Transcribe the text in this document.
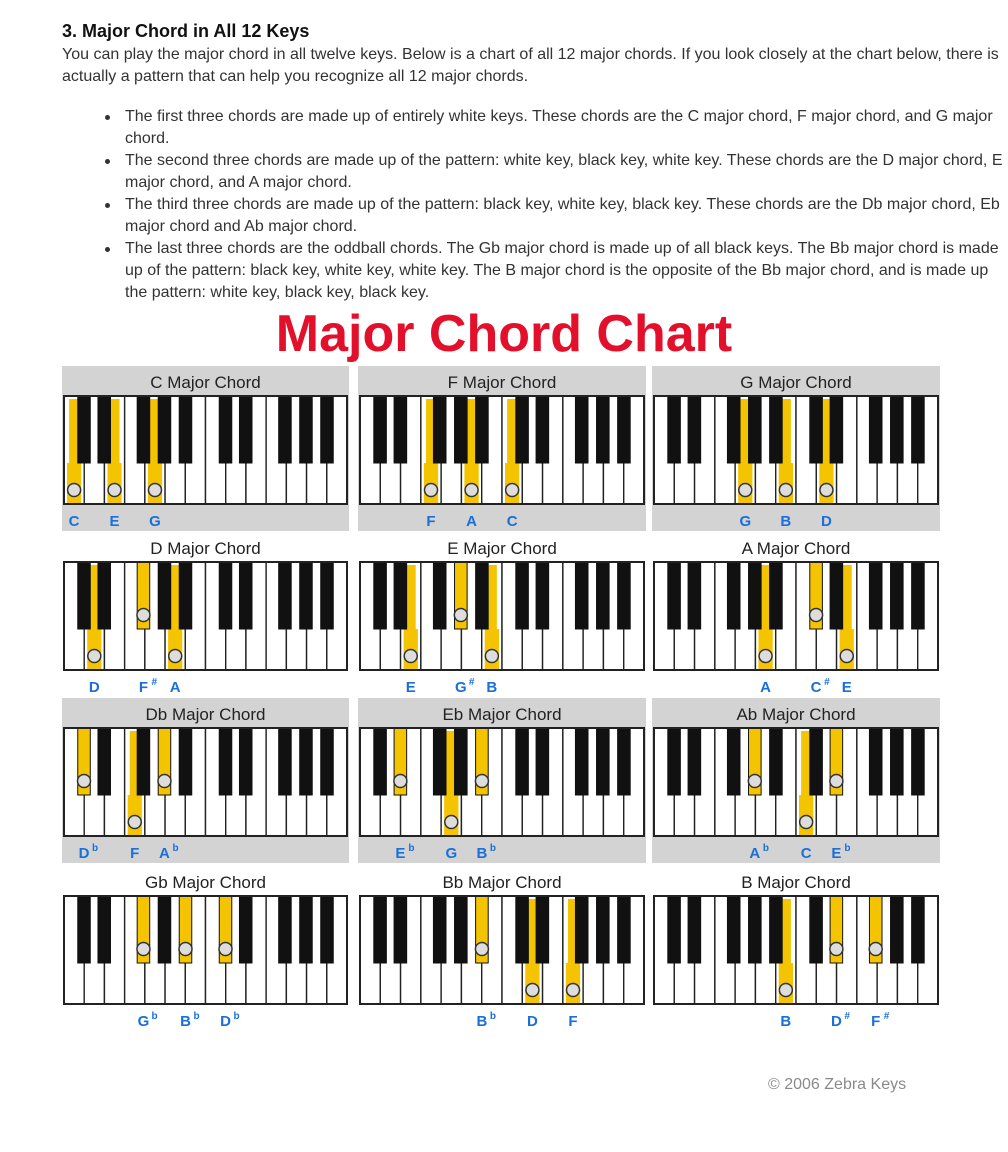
3. Major Chord in All 12 Keys

You can play the major chord in all twelve keys. Below is a chart of all 12 major chords. If you look closely at the chart below, there is actually a pattern that can help you recognize all 12 major chords.

The first three chords are made up of entirely white keys. These chords are the C major chord, F major chord, and G major chord.
The second three chords are made up of the pattern: white key, black key, white key. These chords are the D major chord, E major chord, and A major chord.
The third three chords are made up of the pattern: black key, white key, black key. These chords are the Db major chord, Eb major chord and Ab major chord.
The last three chords are the oddball chords. The Gb major chord is made up of all black keys. The Bb major chord is made up of the pattern: black key, white key, white key. The B major chord is the opposite of the Bb major chord, and is made up the pattern: white key, black key, black key.
Major Chord Chart
C Major Chord
C E G
F Major Chord
F A C
G Major Chord
G B D
D Major Chord
D	F # A
E Major Chord
E	G # B
A Major Chord
A	C # E
Db Major Chord
D b F A b
Eb Major Chord
E b G B b
Ab Major Chord
A b C E b
Gb Major Chord
G b B b D b
Bb Major Chord
B b D F
B Major Chord
B	D # F #

© 2006 Zebra Keys
